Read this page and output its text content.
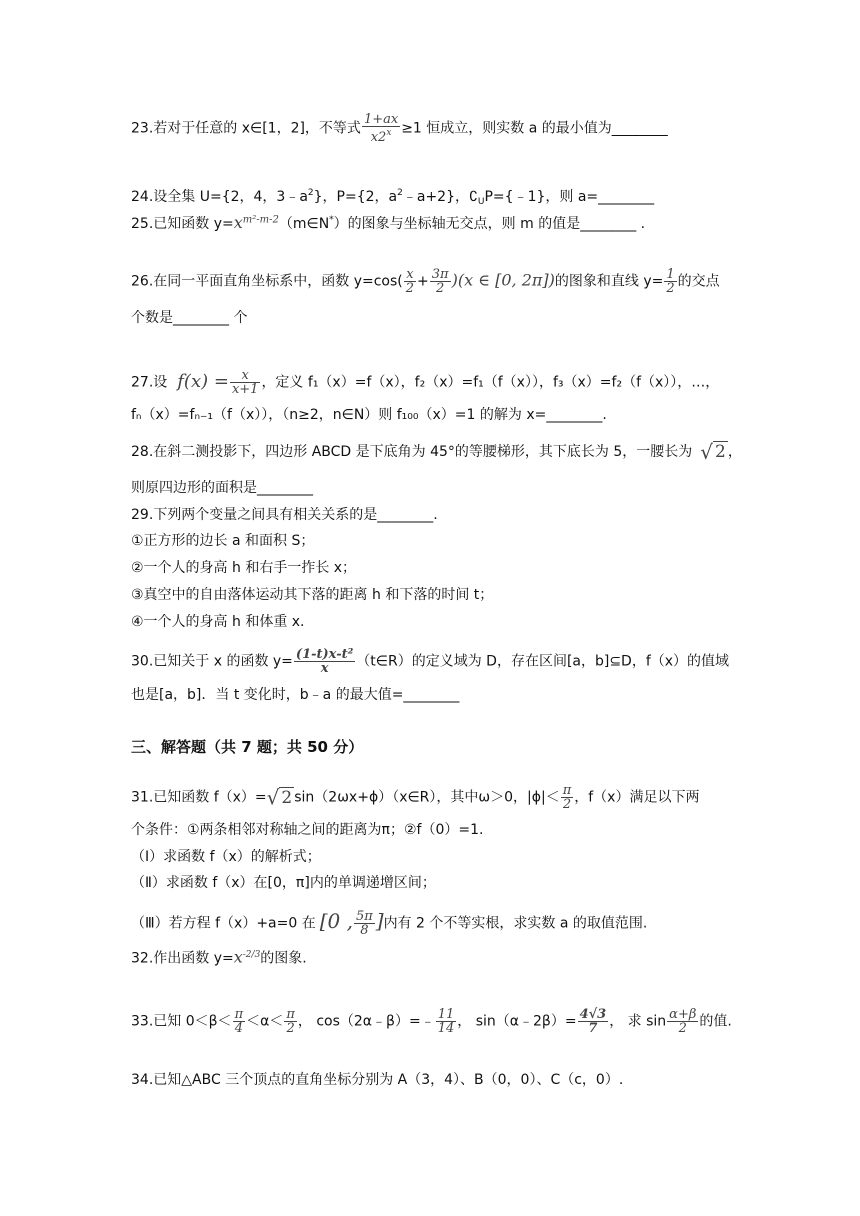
23.若对于任意的 x∈[1，2]，不等式 $\frac{1+ax}{x2^x} \ge 1$ 恒成立，则实数 a 的最小值为________
24.设全集 U={2，4，$3﹣a^2$}，P={2，$a^2﹣a+2$}，$∁_UP=\{﹣1\}$，则 a=________
25.已知函数 $y=x^{m^2-m-2}(m\in N^*)$的图象与坐标轴无交点，则 m 的值是________ .
26.在同一平面直角坐标系中，函数 $y=\cos( \frac{x}{2} + \frac{3\pi}{2} )(x$ ∈ [0, 2π])的图象和直线 $y= \frac{1}{2}$ 的交点
个数是________ 个
27.设 $f(x) = \frac{x}{x+1}$ ，定义 f₁（x）=f（x），f₂（x）=f₁（f（x）），f₃（x）=f₂（f（x）），…，
fₙ（x）=fₙ₋₁（f（x）），（n≥2，n∈N）则 f₁₀₀（x）=1 的解为 x=________.
28.在斜二测投影下，四边形 ABCD 是下底角为 45°的等腰梯形，其下底长为 5，一腰长为 √ 2 ，
则原四边形的面积是________
29.下列两个变量之间具有相关关系的是________.
①正方形的边长 a 和面积 S；
②一个人的身高 h 和右手一拃长 x；
③真空中的自由落体运动其下落的距离 h 和下落的时间 t；
④一个人的身高 h 和体重 x.
30.已知关于 x 的函数 $y= \frac{\text{(1-t)x-t²}}{x}$ （t∈R）的定义域为 D，存在区间[a，b]⊆D，f（x）的值域
也是[a，b]．当 t 变化时，b﹣a 的最大值=________
三、解答题（共 7 题；共 50 分）
31.已知函数 f（x）=√ 2 sin（2ωx+ϕ）（x∈R），其中ω＞0，$|\phi|< \frac{\pi}{2}$ ，f（x）满足以下两
个条件：①两条相邻对称轴之间的距离为π；②f（0）=1.
（Ⅰ）求函数 f（x）的解析式；
（Ⅱ）求函数 f（x）在[0，π]内的单调递增区间；
（Ⅲ）若方程 f（x）+a=0 在 [0 , $\frac{5\pi}{8}$ ]内有 2 个不等实根，求实数 a 的取值范围.
32.作出函数 $y=x^{-2/3}$的图象.
33.已知 $0<\beta< \frac{\pi}{4} <\alpha< \frac{\pi}{2}$ ， cos（2α﹣β）=﹣ $\frac{11}{14}$ ， sin（α﹣2β）= $\frac{4√3}{7}$ ， 求 $\sin \frac{\alpha+\beta}{2}$ 的值.
34.已知△ABC 三个顶点的直角坐标分别为 A（3，4）、B（0，0）、C（c，0）.
